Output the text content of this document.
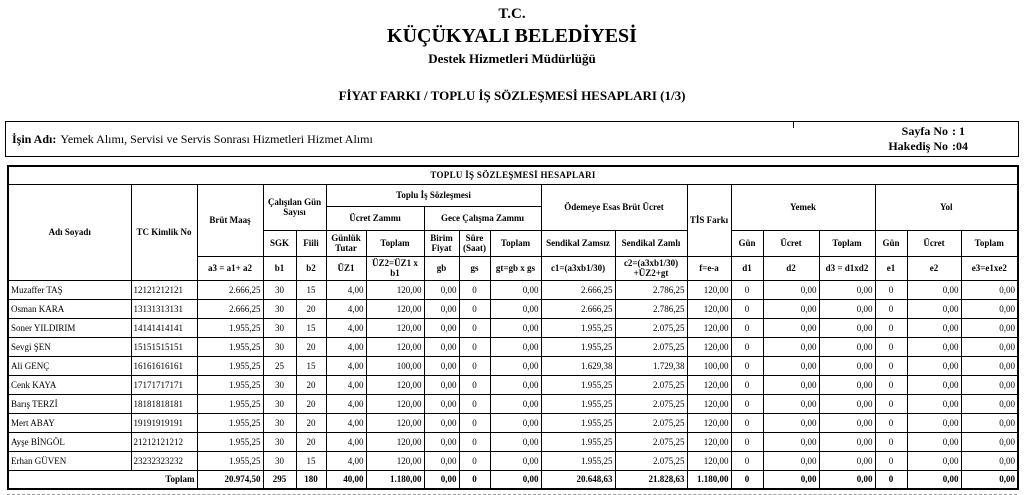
T.C.
KÜÇÜKYALI BELEDİYESİ
Destek Hizmetleri Müdürlüğü
FİYAT FARKI / TOPLU İŞ SÖZLEŞMESİ HESAPLARI (1/3)
İşin Adı: Yemek Alımı, Servisi ve Servis Sonrası Hizmetleri Hizmet Alımı
Sayfa No : 1
Hakediş No :04
TOPLU İŞ SÖZLEŞMESİ HESAPLARI																		
Adı Soyadı	TC Kimlik No	Brüt Maaş	Çalışılan Gün Sayısı		Toplu İş Sözleşmesi					Ödemeye Esas Brüt Ücret		TİS Farkı	Yemek			Yol		
					Ücret Zammı		Gece Çalışma Zammı											
			SGK	Fiili	Günlük Tutar	Toplam	Birim Fiyat	Süre (Saat)	Toplam	Sendikal Zamsız	Sendikal Zamlı		Gün	Ücret	Toplam	Gün	Ücret	Toplam
		a3 = a1+ a2	b1	b2	ÜZ1	ÜZ2=ÜZ1 x b1	gb	gs	gt=gb x gs	c1=(a3xb1/30)	c2=(a3xb1/30) +ÜZ2+gt	f=e-a	d1	d2	d3 = d1xd2	e1	e2	e3=e1xe2
Muzaffer TAŞ	12121212121	2.666,25	30	15	4,00	120,00	0,00	0	0,00	2.666,25	2.786,25	120,00	0	0,00	0,00	0	0,00	0,00
Osman KARA	13131313131	2.666,25	30	20	4,00	120,00	0,00	0	0,00	2.666,25	2.786,25	120,00	0	0,00	0,00	0	0,00	0,00
Soner YILDIRIM	14141414141	1.955,25	30	15	4,00	120,00	0,00	0	0,00	1.955,25	2.075,25	120,00	0	0,00	0,00	0	0,00	0,00
Sevgi ŞEN	15151515151	1.955,25	30	20	4,00	120,00	0,00	0	0,00	1.955,25	2.075,25	120,00	0	0,00	0,00	0	0,00	0,00
Ali GENÇ	16161616161	1.955,25	25	15	4,00	100,00	0,00	0	0,00	1.629,38	1.729,38	100,00	0	0,00	0,00	0	0,00	0,00
Cenk KAYA	17171717171	1.955,25	30	20	4,00	120,00	0,00	0	0,00	1.955,25	2.075,25	120,00	0	0,00	0,00	0	0,00	0,00
Barış TERZİ	18181818181	1.955,25	30	20	4,00	120,00	0,00	0	0,00	1.955,25	2.075,25	120,00	0	0,00	0,00	0	0,00	0,00
Mert ABAY	19191919191	1.955,25	30	20	4,00	120,00	0,00	0	0,00	1.955,25	2.075,25	120,00	0	0,00	0,00	0	0,00	0,00
Ayşe BİNGÖL	21212121212	1.955,25	30	20	4,00	120,00	0,00	0	0,00	1.955,25	2.075,25	120,00	0	0,00	0,00	0	0,00	0,00
Erhan GÜVEN	23232323232	1.955,25	30	15	4,00	120,00	0,00	0	0,00	1.955,25	2.075,25	120,00	0	0,00	0,00	0	0,00	0,00
Toplam		20.974,50	295	180	40,00	1.180,00	0,00	0	0,00	20.648,63	21.828,63	1.180,00	0	0,00	0,00	0	0,00	0,00
